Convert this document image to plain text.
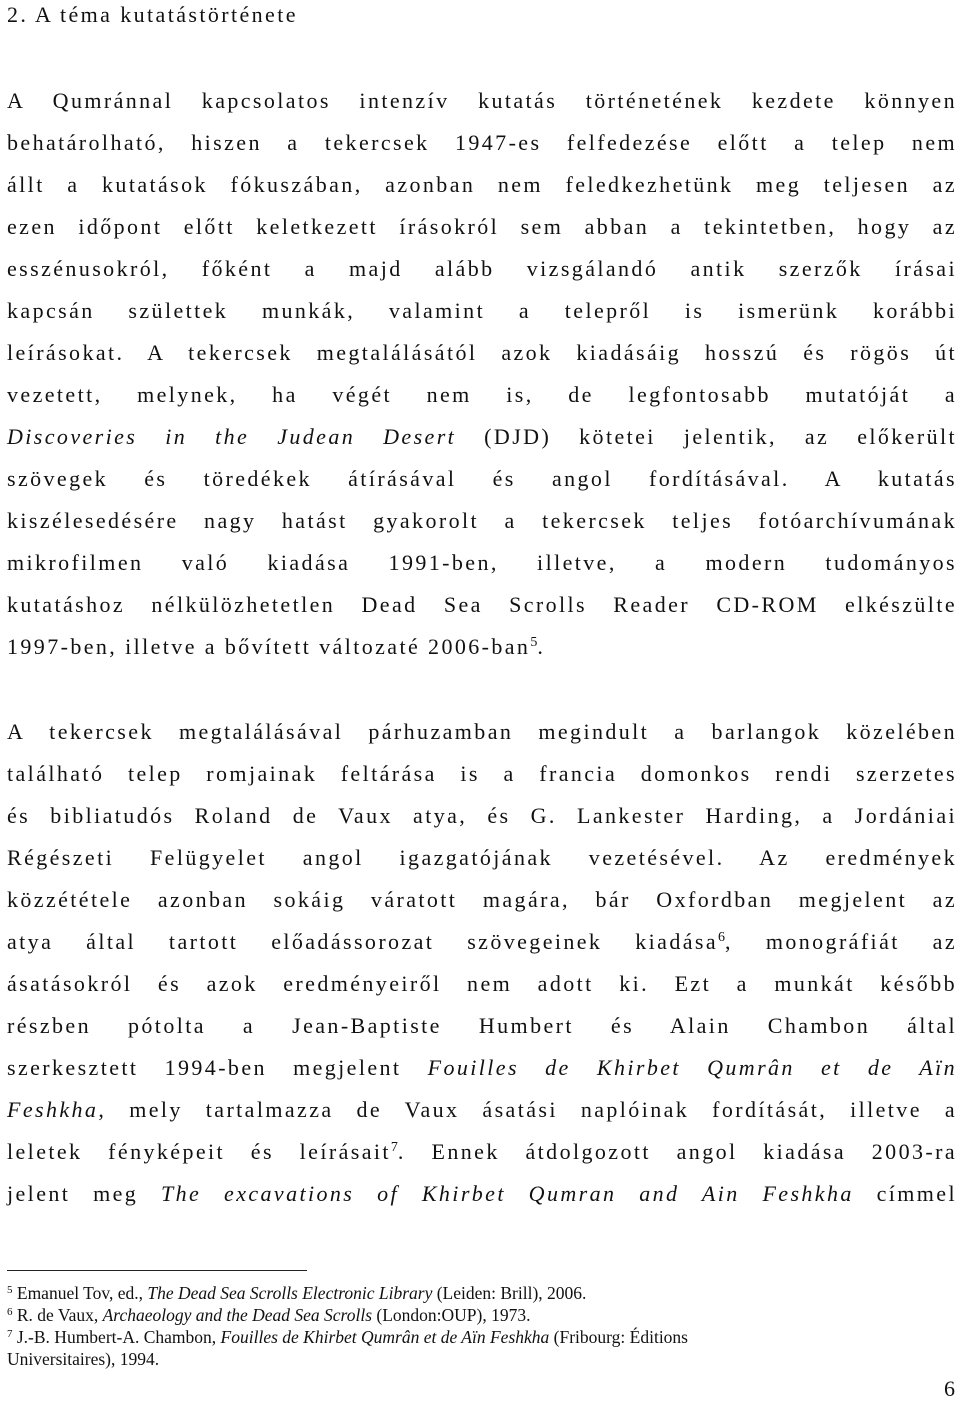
2. A téma kutatástörténete
A Qumránnal kapcsolatos intenzív kutatás történetének kezdete könnyen
behatárolható, hiszen a tekercsek 1947-es felfedezése előtt a telep nem
állt a kutatások fókuszában, azonban nem feledkezhetünk meg teljesen az
ezen időpont előtt keletkezett írásokról sem abban a tekintetben, hogy az
esszénusokról, főként a majd alább vizsgálandó antik szerzők írásai
kapcsán születtek munkák, valamint a telepről is ismerünk korábbi
leírásokat. A tekercsek megtalálásától azok kiadásáig hosszú és rögös út
vezetett, melynek, ha végét nem is, de legfontosabb mutatóját a
Discoveries in the Judean Desert (DJD) kötetei jelentik, az előkerült
szövegek és töredékek átírásával és angol fordításával. A kutatás
kiszélesedésére nagy hatást gyakorolt a tekercsek teljes fotóarchívumának
mikrofilmen való kiadása 1991-ben, illetve, a modern tudományos
kutatáshoz nélkülözhetetlen Dead Sea Scrolls Reader CD-ROM elkészülte
1997-ben, illetve a bővített változaté 2006-ban$^5$.
A tekercsek megtalálásával párhuzamban megindult a barlangok közelében
található telep romjainak feltárása is a francia domonkos rendi szerzetes
és bibliatudós Roland de Vaux atya, és G. Lankester Harding, a Jordániai
Régészeti Felügyelet angol igazgatójának vezetésével. Az eredmények
közzététele azonban sokáig váratott magára, bár Oxfordban megjelent az
atya által tartott előadássorozat szövegeinek kiadása$^6$, monográfiát az
ásatásokról és azok eredményeiről nem adott ki. Ezt a munkát később
részben pótolta a Jean-Baptiste Humbert és Alain Chambon által
szerkesztett 1994-ben megjelent Fouilles de Khirbet Qumrân et de Aïn
Feshkha, mely tartalmazza de Vaux ásatási naplóinak fordítását, illetve a
leletek fényképeit és leírásait$^7$. Ennek átdolgozott angol kiadása 2003-ra
jelent meg The excavations of Khirbet Qumran and Ain Feshkha címmel
$^5$ Emanuel Tov, ed., The Dead Sea Scrolls Electronic Library (Leiden: Brill), 2006.
$^6$ R. de Vaux, Archaeology and the Dead Sea Scrolls (London:OUP), 1973.
$^7$ J.-B. Humbert-A. Chambon, Fouilles de Khirbet Qumrân et de Aïn Feshkha (Fribourg: Éditions
Universitaires), 1994.
6
